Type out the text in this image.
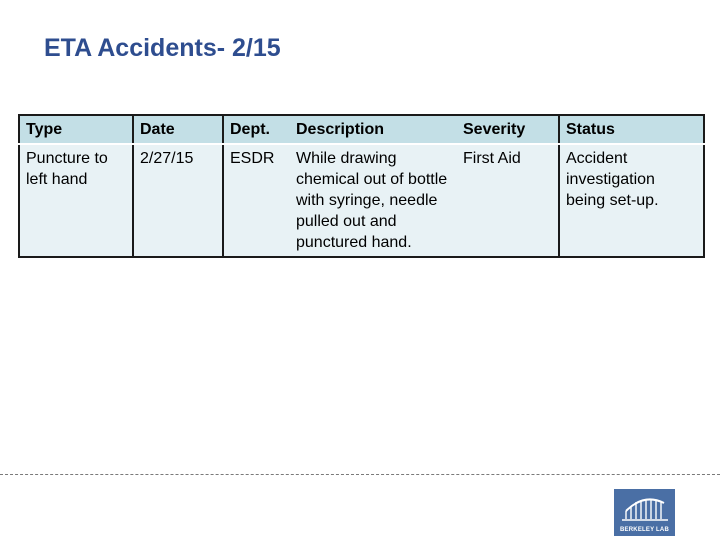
ETA Accidents- 2/15
Type	Date	Dept.	Description	Severity	Status
Puncture to left hand	2/27/15	ESDR	While drawing chemical out of bottle with syringe, needle pulled out and punctured hand.	First Aid	Accident investigation being set-up.
BERKELEY LAB
